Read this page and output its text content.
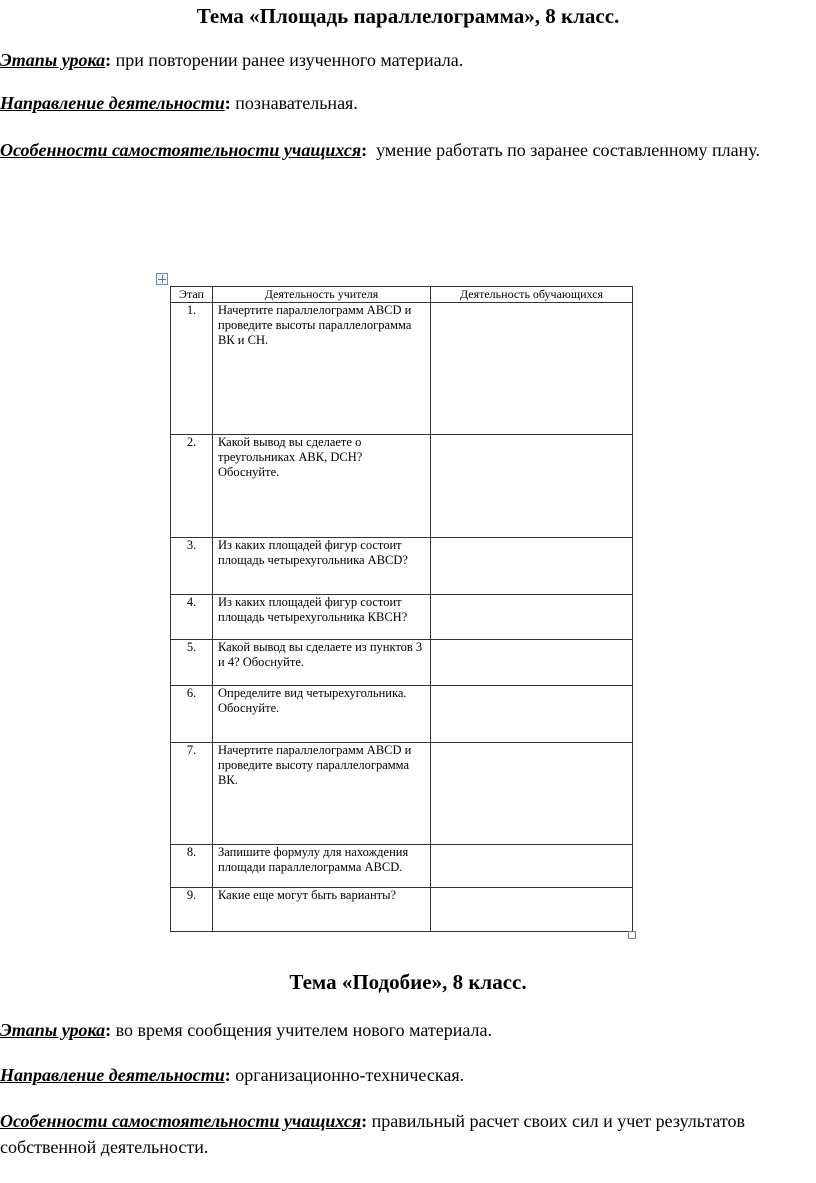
Тема «Площадь параллелограмма», 8 класс.
Этапы урока: при повторении ранее изученного материала.
Направление деятельности: познавательная.
Особенности самостоятельности учащихся: умение работать по заранее составленному плану.
Этап	Деятельность учителя	Деятельность обучающихся
1.	Начертите параллелограмм АВСD и проведите высоты параллелограмма ВК и СН.	
2.	Какой вывод вы сделаете о треугольниках АВК, DСН? Обоснуйте.	
3.	Из каких площадей фигур состоит площадь четырехугольника АВСD?	
4.	Из каких площадей фигур состоит площадь четырехугольника КВСН?	
5.	Какой вывод вы сделаете из пунктов 3 и 4? Обоснуйте.	
6.	Определите вид четырехугольника. Обоснуйте.	
7.	Начертите параллелограмм АВСD и проведите высоту параллелограмма ВК.	
8.	Запишите формулу для нахождения площади параллелограмма АВСD.	
9.	Какие еще могут быть варианты?	
Тема «Подобие», 8 класс.
Этапы урока: во время сообщения учителем нового материала.
Направление деятельности: организационно-техническая.
Особенности самостоятельности учащихся: правильный расчет своих сил и учет результатов собственной деятельности.
